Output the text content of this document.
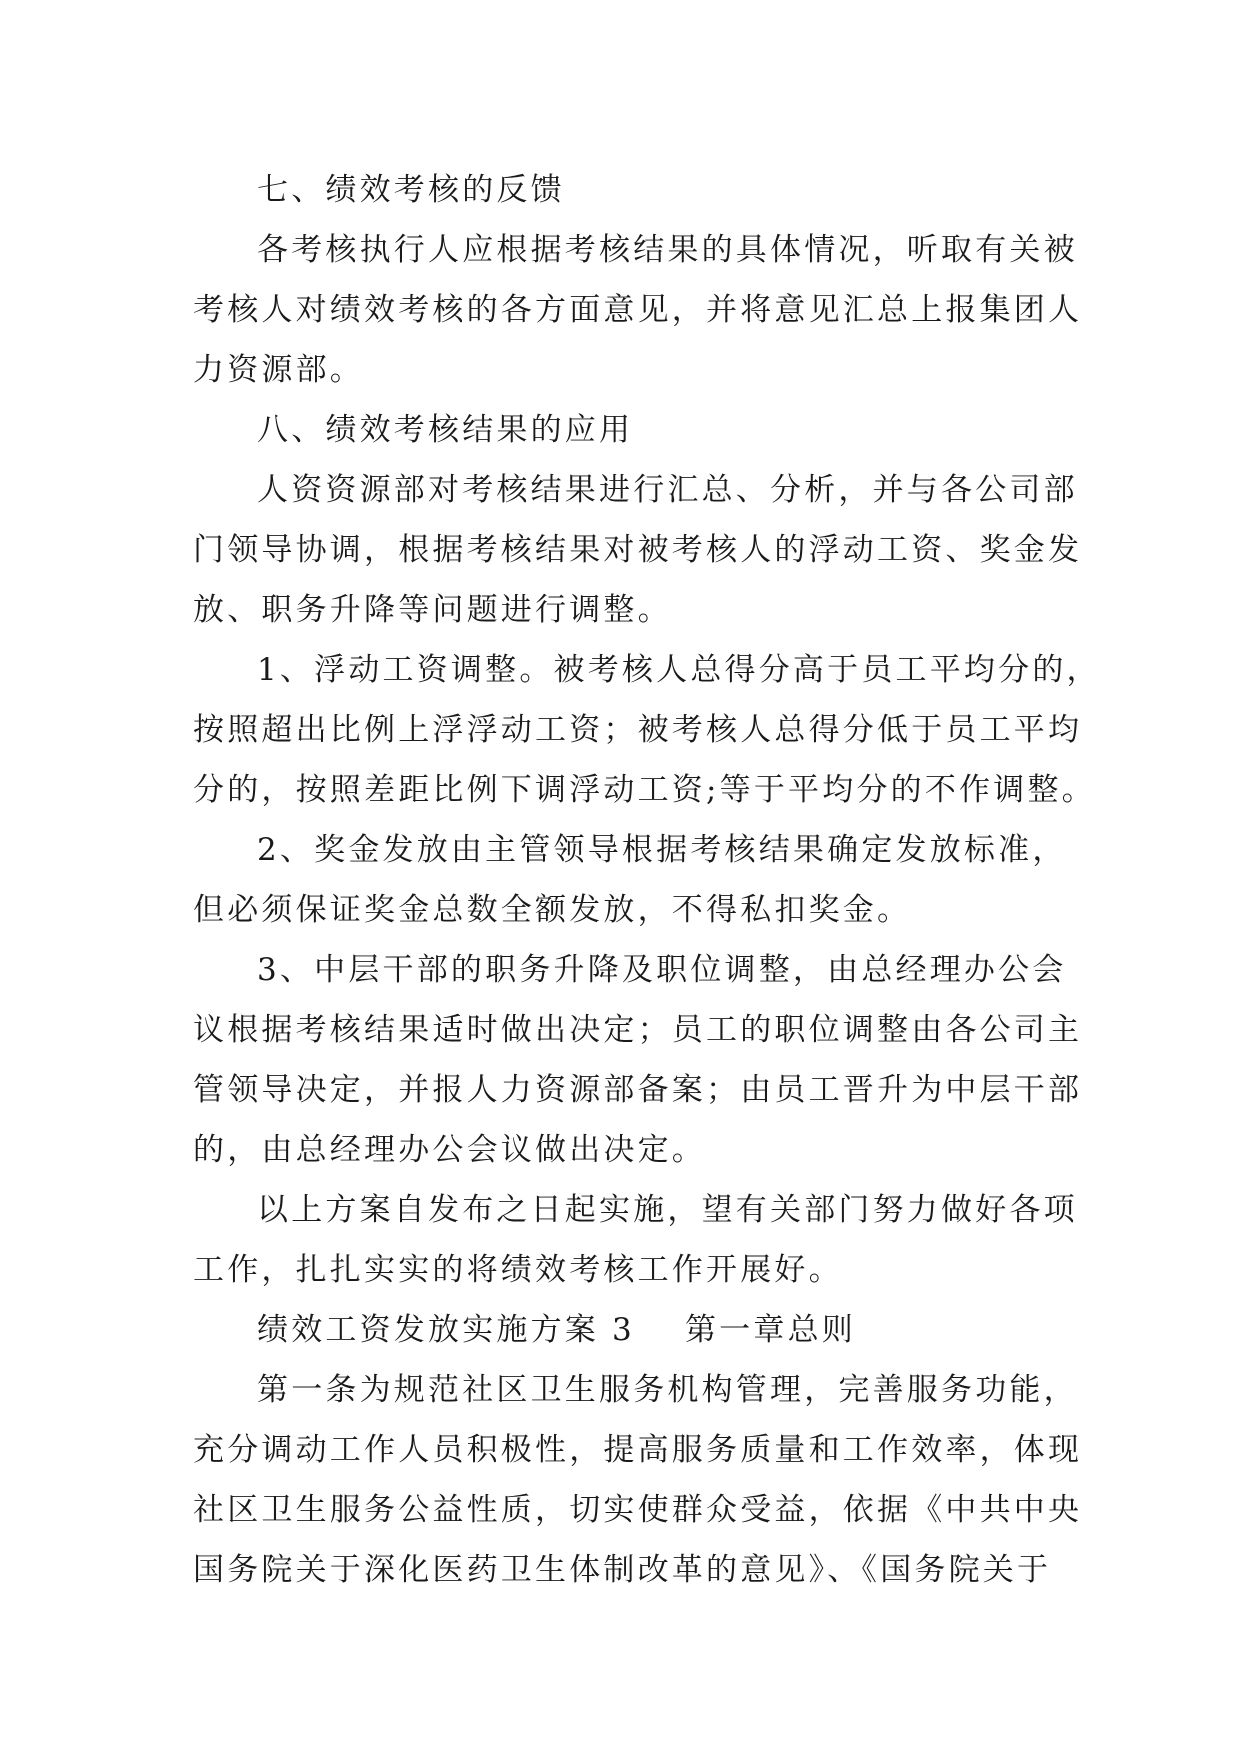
七、绩效考核的反馈
各考核执行人应根据考核结果的具体情况，听取有关被
考核人对绩效考核的各方面意见，并将意见汇总上报集团人
力资源部。
八、绩效考核结果的应用
人资资源部对考核结果进行汇总、分析，并与各公司部
门领导协调，根据考核结果对被考核人的浮动工资、奖金发
放、职务升降等问题进行调整。
1、浮动工资调整。被考核人总得分高于员工平均分的，
按照超出比例上浮浮动工资；被考核人总得分低于员工平均
分的，按照差距比例下调浮动工资;等于平均分的不作调整。
2、奖金发放由主管领导根据考核结果确定发放标准，
但必须保证奖金总数全额发放，不得私扣奖金。
3、中层干部的职务升降及职位调整，由总经理办公会
议根据考核结果适时做出决定；员工的职位调整由各公司主
管领导决定，并报人力资源部备案；由员工晋升为中层干部
的，由总经理办公会议做出决定。
以上方案自发布之日起实施，望有关部门努力做好各项
工作，扎扎实实的将绩效考核工作开展好。
绩效工资发放实施方案 3 第一章总则
第一条为规范社区卫生服务机构管理，完善服务功能，
充分调动工作人员积极性，提高服务质量和工作效率，体现
社区卫生服务公益性质，切实使群众受益，依据《中共中央
国务院关于深化医药卫生体制改革的意见》、《国务院关于
